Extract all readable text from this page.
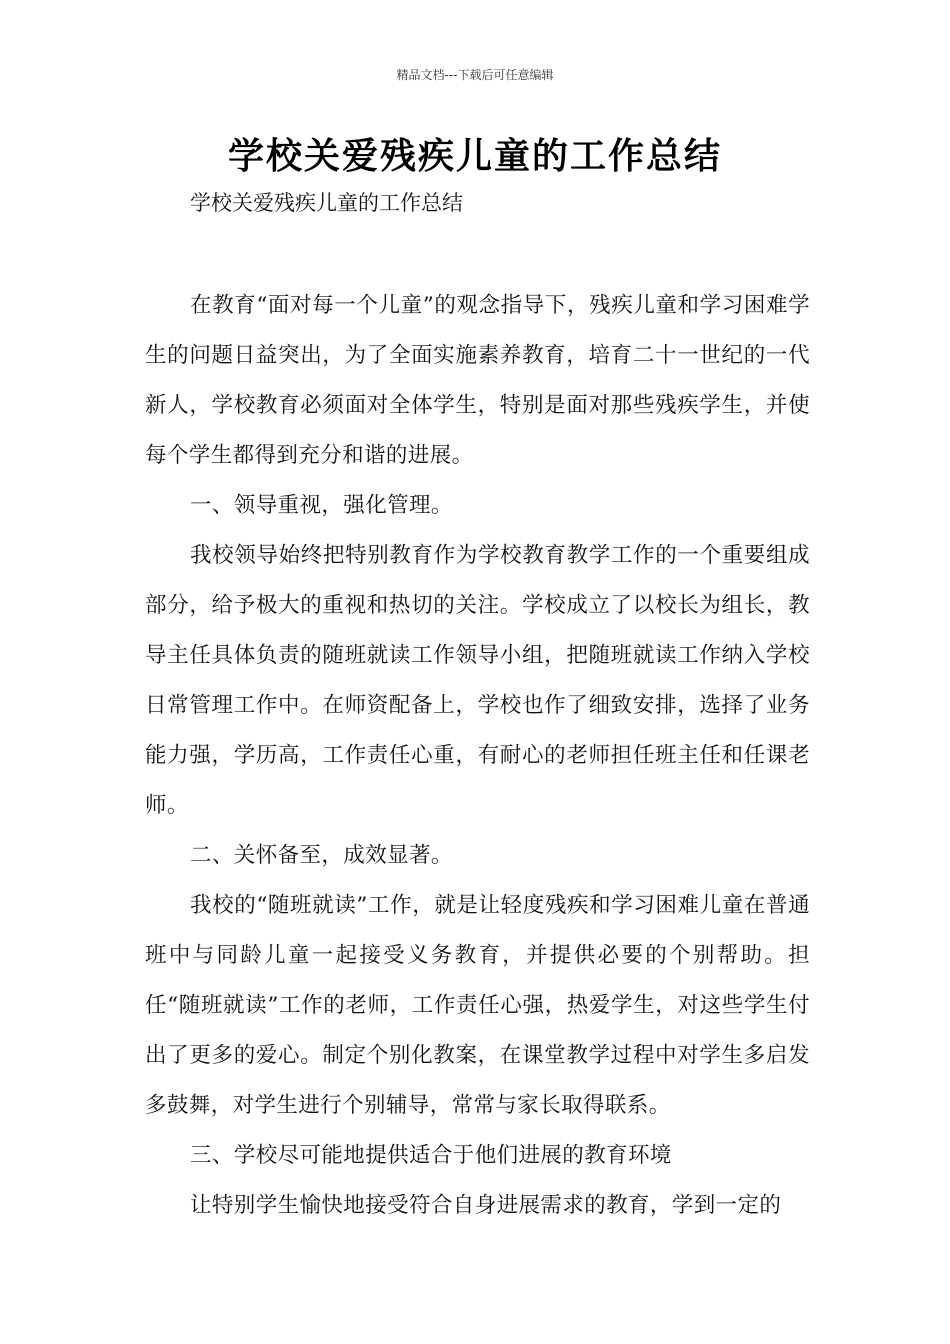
精品文档---下载后可任意编辑
学校关爱残疾儿童的工作总结
学校关爱残疾儿童的工作总结

在教育“面对每一个儿童”的观念指导下，残疾儿童和学习困难学生的问题日益突出，为了全面实施素养教育，培育二十一世纪的一代新人，学校教育必须面对全体学生，特别是面对那些残疾学生，并使每个学生都得到充分和谐的进展。

一、领导重视，强化管理。

我校领导始终把特别教育作为学校教育教学工作的一个重要组成部分，给予极大的重视和热切的关注。学校成立了以校长为组长，教导主任具体负责的随班就读工作领导小组，把随班就读工作纳入学校日常管理工作中。在师资配备上，学校也作了细致安排，选择了业务能力强，学历高，工作责任心重，有耐心的老师担任班主任和任课老师。

二、关怀备至，成效显著。

我校的“随班就读”工作，就是让轻度残疾和学习困难儿童在普通班中与同龄儿童一起接受义务教育，并提供必要的个别帮助。担任“随班就读”工作的老师，工作责任心强，热爱学生，对这些学生付出了更多的爱心。制定个别化教案，在课堂教学过程中对学生多启发多鼓舞，对学生进行个别辅导，常常与家长取得联系。

三、学校尽可能地提供适合于他们进展的教育环境

让特别学生愉快地接受符合自身进展需求的教育，学到一定的
